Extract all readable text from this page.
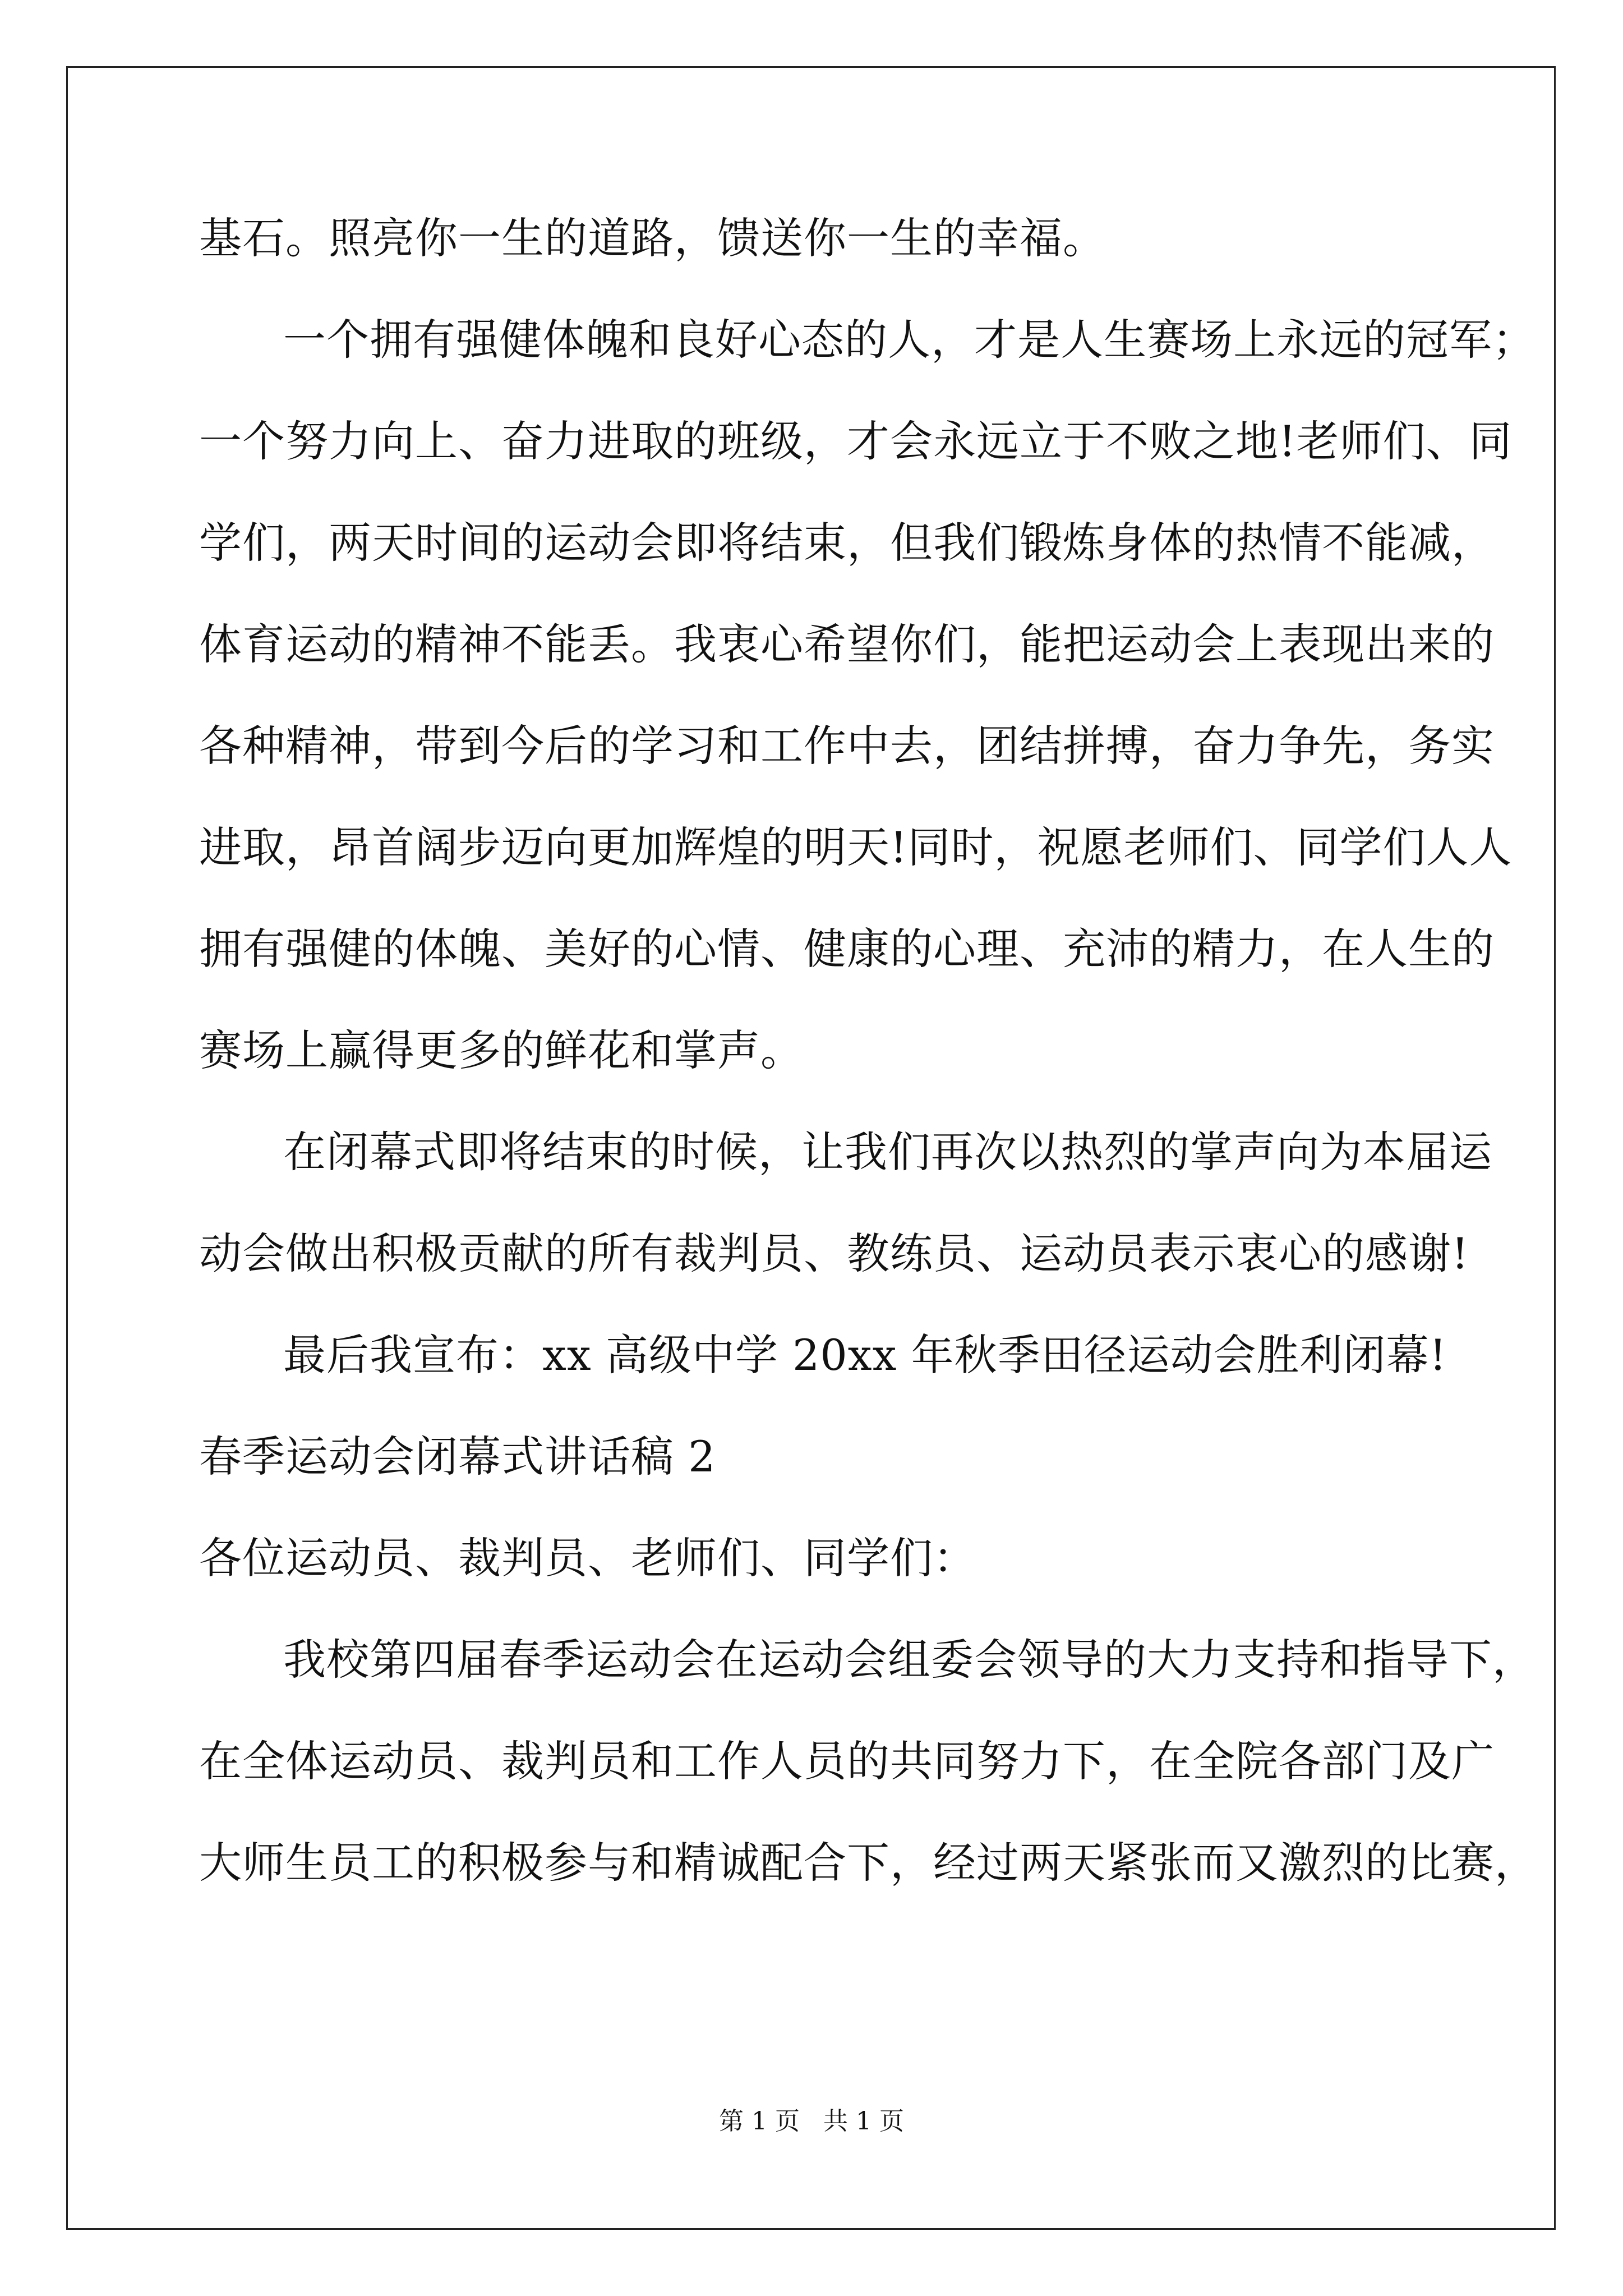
基石。照亮你一生的道路，馈送你一生的幸福。
一个拥有强健体魄和良好心态的人，才是人生赛场上永远的冠军；
一个努力向上、奋力进取的班级，才会永远立于不败之地!老师们、同
学们，两天时间的运动会即将结束，但我们锻炼身体的热情不能减，
体育运动的精神不能丢。我衷心希望你们，能把运动会上表现出来的
各种精神，带到今后的学习和工作中去，团结拼搏，奋力争先，务实
进取，昂首阔步迈向更加辉煌的明天!同时，祝愿老师们、同学们人人
拥有强健的体魄、美好的心情、健康的心理、充沛的精力，在人生的
赛场上赢得更多的鲜花和掌声。
在闭幕式即将结束的时候，让我们再次以热烈的掌声向为本届运
动会做出积极贡献的所有裁判员、教练员、运动员表示衷心的感谢!
最后我宣布：xx 高级中学 20xx 年秋季田径运动会胜利闭幕!
春季运动会闭幕式讲话稿 2
各位运动员、裁判员、老师们、同学们：
我校第四届春季运动会在运动会组委会领导的大力支持和指导下，
在全体运动员、裁判员和工作人员的共同努力下，在全院各部门及广
大师生员工的积极参与和精诚配合下，经过两天紧张而又激烈的比赛，
第 1 页   共 1 页
